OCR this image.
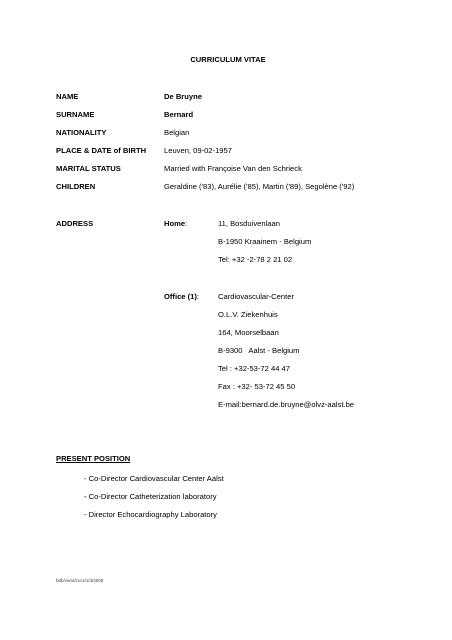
CURRICULUM VITAE
NAME	De Bruyne
SURNAME	Bernard
NATIONALITY	Belgian
PLACE & DATE of BIRTH Leuven, 09-02-1957
MARITAL STATUS	Married with Françoise Van den Schrieck
CHILDREN	Geraldine ('83), Aurélie ('85), Martin ('89), Segolène ('92)
ADDRESS	Home:	11, Bosduivenlaan
B-1950 Kraainem - Belgium
Tel: +32 -2-78 2 21 02
Office (1): Cardiovascular-Center
O.L.V. Ziekenhuis
164, Moorselbaan
B-9300   Aalst - Belgium
Tel : +32-53-72 44 47
Fax : +32- 53-72 45 50
E-mail:bernard.de.bruyne@olvz-aalst.be
PRESENT POSITION
- Co-Director Cardiovascular Center Aalst
- Co-Director Catheterization laboratory
- Director Echocardiography Laboratory
bdb/varia/cur1/1/3/2008
